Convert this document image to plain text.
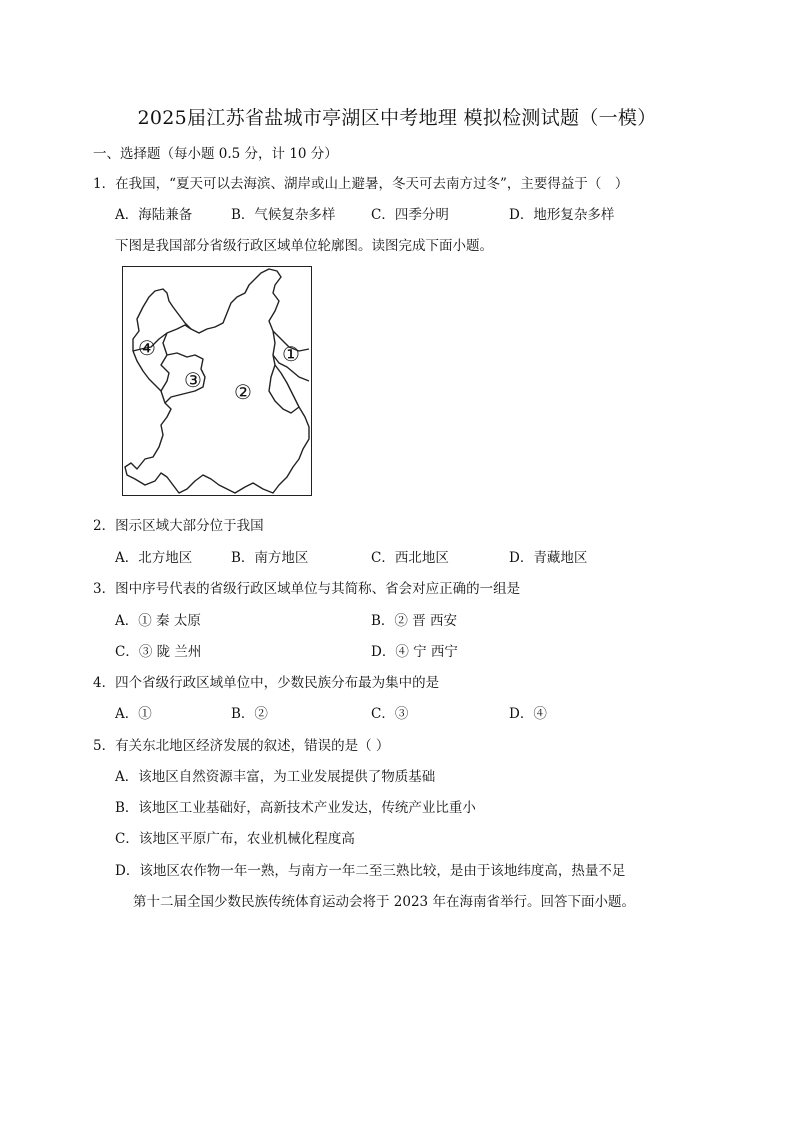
2025届江苏省盐城市亭湖区中考地理 模拟检测试题（一模）
一、选择题（每小题 0.5 分，计 10 分）
1．在我国，“夏天可以去海滨、湖岸或山上避暑，冬天可去南方过冬”，主要得益于（　）
A．海陆兼备	B．气候复杂多样	C．四季分明	D．地形复杂多样
下图是我国部分省级行政区域单位轮廓图。读图完成下面小题。
①
②
③
④
2．图示区域大部分位于我国
A．北方地区	B．南方地区	C．西北地区	D．青藏地区
3．图中序号代表的省级行政区域单位与其简称、省会对应正确的一组是
A．① 秦 太原	B．② 晋 西安
C．③ 陇 兰州	D．④ 宁 西宁
4．四个省级行政区域单位中，少数民族分布最为集中的是
A．①	B．②	C．③	D．④
5．有关东北地区经济发展的叙述，错误的是（ ）
A．该地区自然资源丰富，为工业发展提供了物质基础
B．该地区工业基础好，高新技术产业发达，传统产业比重小
C．该地区平原广布，农业机械化程度高
D．该地区农作物一年一熟，与南方一年二至三熟比较，是由于该地纬度高，热量不足
第十二届全国少数民族传统体育运动会将于 2023 年在海南省举行。回答下面小题。
